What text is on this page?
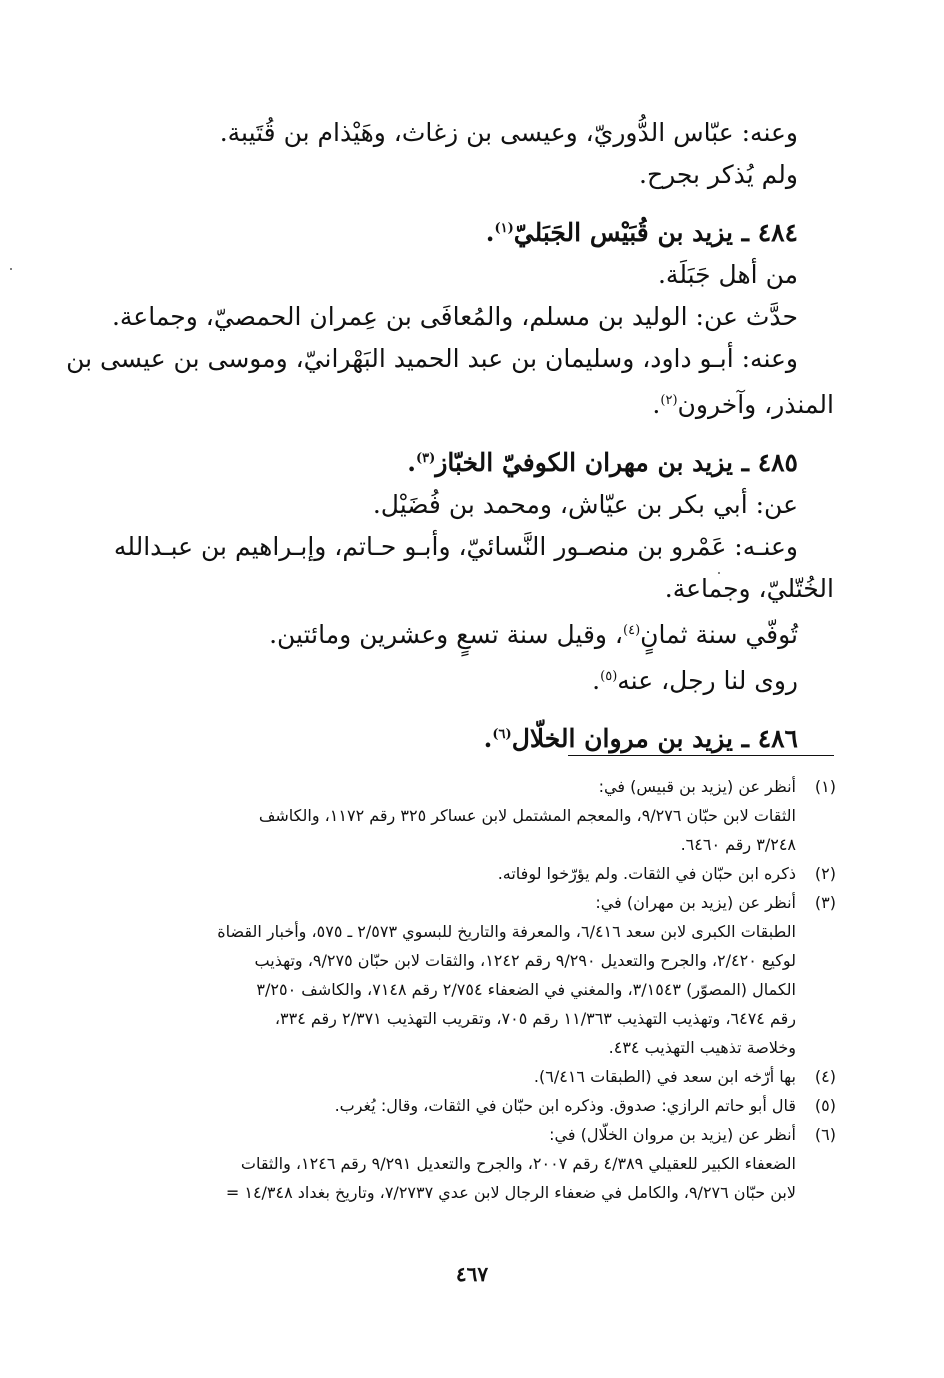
وعنه: عبّاس الدُّوريّ، وعيسى بن زغاث، وهَيْذام بن قُتَيبة.

ولم يُذكر بجرح.

٤٨٤ ـ يزيد بن قُبَيْس الجَبَليّ$^{(١)}$.

من أهل جَبَلَة.

حدَّث عن: الوليد بن مسلم، والمُعافَى بن عِمران الحمصيّ، وجماعة.

وعنه: أبـو داود، وسليمان بن عبد الحميد البَهْرانيّ، وموسى بن عيسى بن

المنذر، وآخرون$^{(٢)}$.

٤٨٥ ـ يزيد بن مهران الكوفيّ الخبّاز$^{(٣)}$.

عن: أبي بكر بن عيّاش، ومحمد بن فُضَيْل.

وعنـه: عَمْرو بن منصـور النَّسائيّ، وأبـو حـاتم، وإبـراهيم بن عبـدالله

الخُتّليّ، وجماعة.

تُوفّي سنة ثمانٍ$^{(٤)}$، وقيل سنة تسعٍ وعشرين ومائتين.

روى لنا رجل، عنه$^{(٥)}$.

٤٨٦ ـ يزيد بن مروان الخلّال$^{(٦)}$.

(١)
أنظر عن (يزيد بن قبيس) في:
الثقات لابن حبّان ٩/٢٧٦، والمعجم المشتمل لابن عساكر ٣٢٥ رقم ١١٧٢، والكاشف
٣/٢٤٨ رقم ٦٤٦٠.
(٢)
ذكره ابن حبّان في الثقات. ولم يؤرّخوا لوفاته.
(٣)
أنظر عن (يزيد بن مهران) في:
الطبقات الكبرى لابن سعد ٦/٤١٦، والمعرفة والتاريخ للبسوي ٢/٥٧٣ ـ ٥٧٥، وأخبار القضاة
لوكيع ٢/٤٢٠، والجرح والتعديل ٩/٢٩٠ رقم ١٢٤٢، والثقات لابن حبّان ٩/٢٧٥، وتهذيب
الكمال (المصوّر) ٣/١٥٤٣، والمغني في الضعفاء ٢/٧٥٤ رقم ٧١٤٨، والكاشف ٣/٢٥٠
رقم ٦٤٧٤، وتهذيب التهذيب ١١/٣٦٣ رقم ٧٠٥، وتقريب التهذيب ٢/٣٧١ رقم ٣٣٤،
وخلاصة تذهيب التهذيب ٤٣٤.
(٤)
بها أرّخه ابن سعد في (الطبقات ٦/٤١٦).
(٥)
قال أبو حاتم الرازي: صدوق. وذكره ابن حبّان في الثقات، وقال: يُغرب.
(٦)
أنظر عن (يزيد بن مروان الخلّال) في:
الضعفاء الكبير للعقيلي ٤/٣٨٩ رقم ٢٠٠٧، والجرح والتعديل ٩/٢٩١ رقم ١٢٤٦، والثقات
لابن حبّان ٩/٢٧٦، والكامل في ضعفاء الرجال لابن عدي ٧/٢٧٣٧، وتاريخ بغداد ١٤/٣٤٨ =
٤٦٧
